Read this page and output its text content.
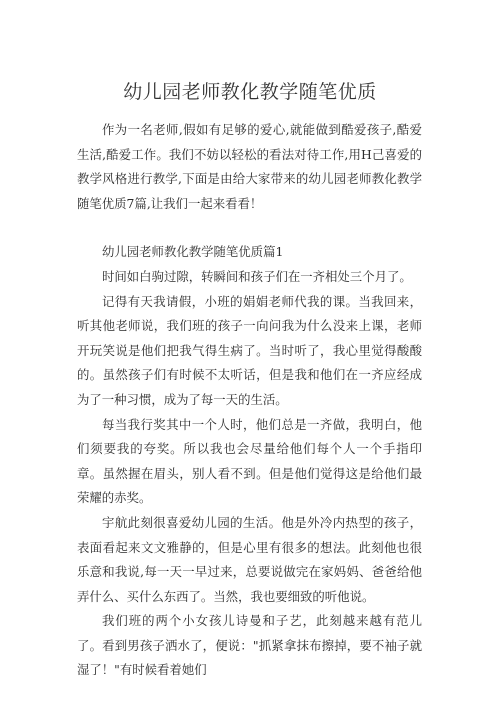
幼儿园老师教化教学随笔优质

作为一名老师,假如有足够的爱心,就能做到酷爱孩子,酷爱生活,酷爱工作。我们不妨以轻松的看法对待工作,用H己喜爱的教学风格进行教学,下面是由给大家带来的幼儿园老师教化教学随笔优质7篇,让我们一起来看看！

幼儿园老师教化教学随笔优质篇1

时间如白驹过隙，转瞬间和孩子们在一齐相处三个月了。

记得有天我请假，小班的娟娟老师代我的课。当我回来，听其他老师说，我们班的孩子一向问我为什么没来上课，老师开玩笑说是他们把我气得生病了。当时听了，我心里觉得酸酸的。虽然孩子们有时候不太听话，但是我和他们在一齐应经成为了一种习惯，成为了每一天的生活。

每当我行奖其中一个人时，他们总是一齐做，我明白，他们须要我的夸奖。所以我也会尽量给他们每个人一个手指印章。虽然握在眉头，别人看不到。但是他们觉得这是给他们最荣耀的赤奖。

宇航此刻很喜爱幼儿园的生活。他是外冷内热型的孩子，表面看起来文文雅静的，但是心里有很多的想法。此刻他也很乐意和我说,每一天一早过来，总要说做完在家妈妈、爸爸给他弄什么、买什么东西了。当然，我也要细致的听他说。

我们班的两个小女孩儿诗曼和子艺，此刻越来越有范儿了。看到男孩子洒水了，便说："抓紧拿抹布擦掉，要不袖子就湿了！"有时候看着她们
